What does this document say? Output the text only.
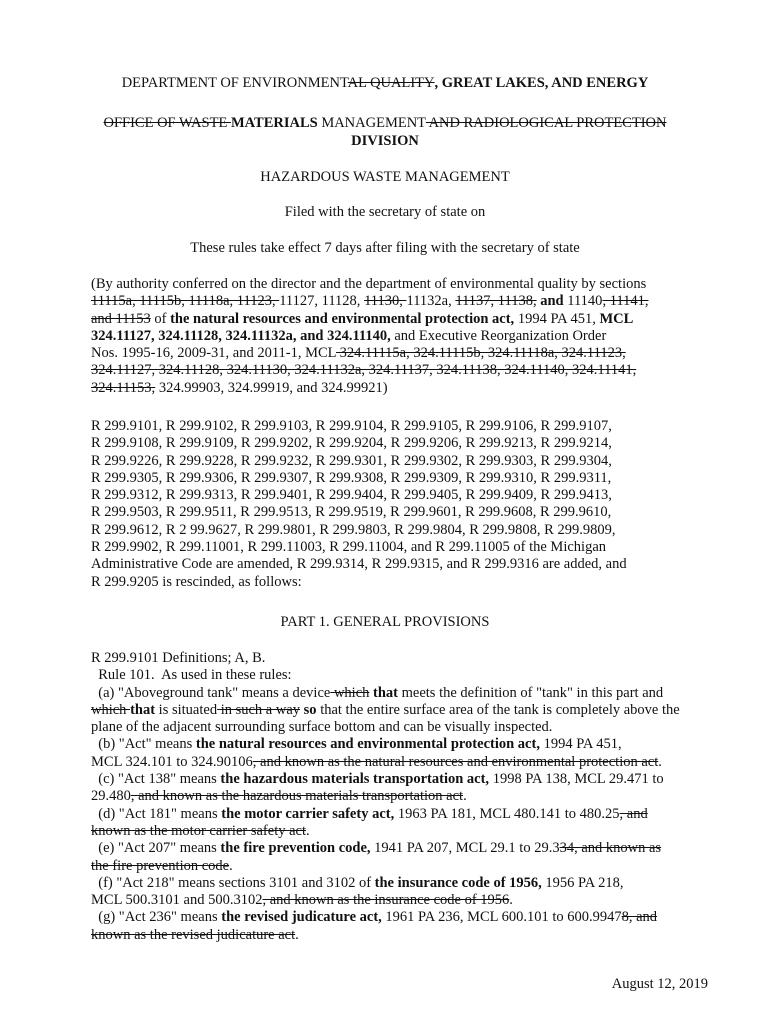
DEPARTMENT OF ENVIRONMENTAL QUALITY, GREAT LAKES, AND ENERGY
OFFICE OF WASTE MATERIALS MANAGEMENT AND RADIOLOGICAL PROTECTION
DIVISION
HAZARDOUS WASTE MANAGEMENT
Filed with the secretary of state on
These rules take effect 7 days after filing with the secretary of state
(By authority conferred on the director and the department of environmental quality by sections
11115a, 11115b, 11118a, 11123, 11127, 11128, 11130, 11132a, 11137, 11138, and 11140, 11141,
and 11153 of the natural resources and environmental protection act, 1994 PA 451, MCL
324.11127, 324.11128, 324.11132a, and 324.11140, and Executive Reorganization Order
Nos. 1995-16, 2009-31, and 2011-1, MCL 324.11115a, 324.11115b, 324.11118a, 324.11123,
324.11127, 324.11128, 324.11130, 324.11132a, 324.11137, 324.11138, 324.11140, 324.11141,
324.11153, 324.99903, 324.99919, and 324.99921)
R 299.9101, R 299.9102, R 299.9103, R 299.9104, R 299.9105, R 299.9106, R 299.9107,
R 299.9108, R 299.9109, R 299.9202, R 299.9204, R 299.9206, R 299.9213, R 299.9214,
R 299.9226, R 299.9228, R 299.9232, R 299.9301, R 299.9302, R 299.9303, R 299.9304,
R 299.9305, R 299.9306, R 299.9307, R 299.9308, R 299.9309, R 299.9310, R 299.9311,
R 299.9312, R 299.9313, R 299.9401, R 299.9404, R 299.9405, R 299.9409, R 299.9413,
R 299.9503, R 299.9511, R 299.9513, R 299.9519, R 299.9601, R 299.9608, R 299.9610,
R 299.9612, R 2 99.9627, R 299.9801, R 299.9803, R 299.9804, R 299.9808, R 299.9809,
R 299.9902, R 299.11001, R 299.11003, R 299.11004, and R 299.11005 of the Michigan
Administrative Code are amended, R 299.9314, R 299.9315, and R 299.9316 are added, and
R 299.9205 is rescinded, as follows:
PART 1. GENERAL PROVISIONS
R 299.9101 Definitions; A, B.
Rule 101.  As used in these rules:
(a) "Aboveground tank" means a device which that meets the definition of "tank" in this part and
which that is situated in such a way so that the entire surface area of the tank is completely above the
plane of the adjacent surrounding surface bottom and can be visually inspected.
(b) "Act" means the natural resources and environmental protection act, 1994 PA 451,
MCL 324.101 to 324.90106, and known as the natural resources and environmental protection act.
(c) "Act 138" means the hazardous materials transportation act, 1998 PA 138, MCL 29.471 to
29.480, and known as the hazardous materials transportation act.
(d) "Act 181" means the motor carrier safety act, 1963 PA 181, MCL 480.141 to 480.25, and
known as the motor carrier safety act.
(e) "Act 207" means the fire prevention code, 1941 PA 207, MCL 29.1 to 29.334, and known as
the fire prevention code.
(f) "Act 218" means sections 3101 and 3102 of the insurance code of 1956, 1956 PA 218,
MCL 500.3101 and 500.3102, and known as the insurance code of 1956.
(g) "Act 236" means the revised judicature act, 1961 PA 236, MCL 600.101 to 600.99478, and
known as the revised judicature act.
August 12, 2019
